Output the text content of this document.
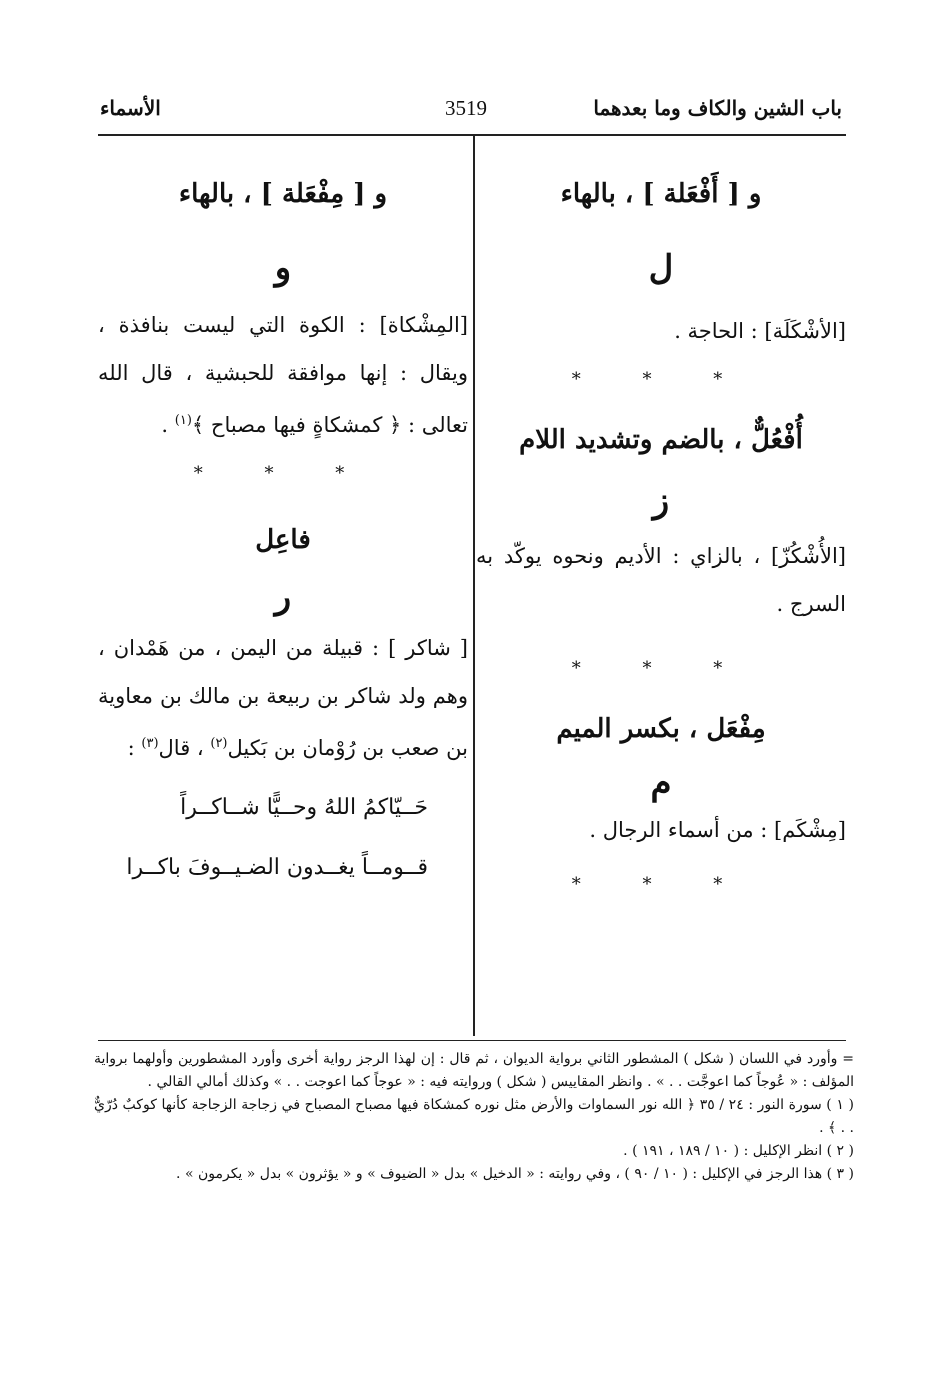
باب الشين والكاف وما بعدهما
3519
الأسماء

و [ أَفْعَلة ] ، بالهاء

ل

[الأشْكَلَة] : الحاجة .

* * *

أُفْعُلٌّ ، بالضم وتشديد اللام

ز

[الأُشْكُزّ] ، بالزاي : الأديم ونحوه يوكّد به السرج .

* * *

مِفْعَل ، بكسر الميم

م

[مِشْكَم] : من أسماء الرجال .

* * *

و [ مِفْعَلة ] ، بالهاء

و

[المِشْكاة] : الكوة التي ليست بنافذة ، ويقال : إنها موافقة للحبشية ، قال الله تعالى : ﴿ كمشكاةٍ فيها مصباح ﴾$^{(١)}$ .

* * *

فاعِل

ر

[ شاكر ] : قبيلة من اليمن ، من هَمْدان ، وهم ولد شاكر بن ربيعة بن مالك بن معاوية بن صعب بن رُوْمان بن بَكيل$^{(٢)}$ ، قال$^{(٣)}$ :

حَــيّاكمُ اللهُ وحــيًّا شــاكــراً

قــومــاً يغــدون الضـيــوفَ باكــرا

= وأورد في اللسان ( شكل ) المشطور الثاني برواية الديوان ، ثم قال : إن لهذا الرجز رواية أخرى وأورد المشطورين وأولهما برواية المؤلف : « عُوجاً كما اعوجَّت . . » . وانظر المقاييس ( شكل ) وروايته فيه : « عوجاً كما اعوجت . . » وكذلك أمالي القالي .

( ١ ) سورة النور : ٢٤ / ٣٥ ﴿ الله نور السماوات والأرض مثل نوره كمشكاة فيها مصباح المصباح في زجاجة الزجاجة كأنها كوكبٌ دُرّيٌّ . . ﴾ .

( ٢ ) انظر الإكليل : ( ١٠ / ١٨٩ ، ١٩١ ) .

( ٣ ) هذا الرجز في الإكليل : ( ١٠ / ٩٠ ) ، وفي روايته : « الدخيل » بدل « الضيوف » و « يؤثرون » بدل « يكرمون » .
